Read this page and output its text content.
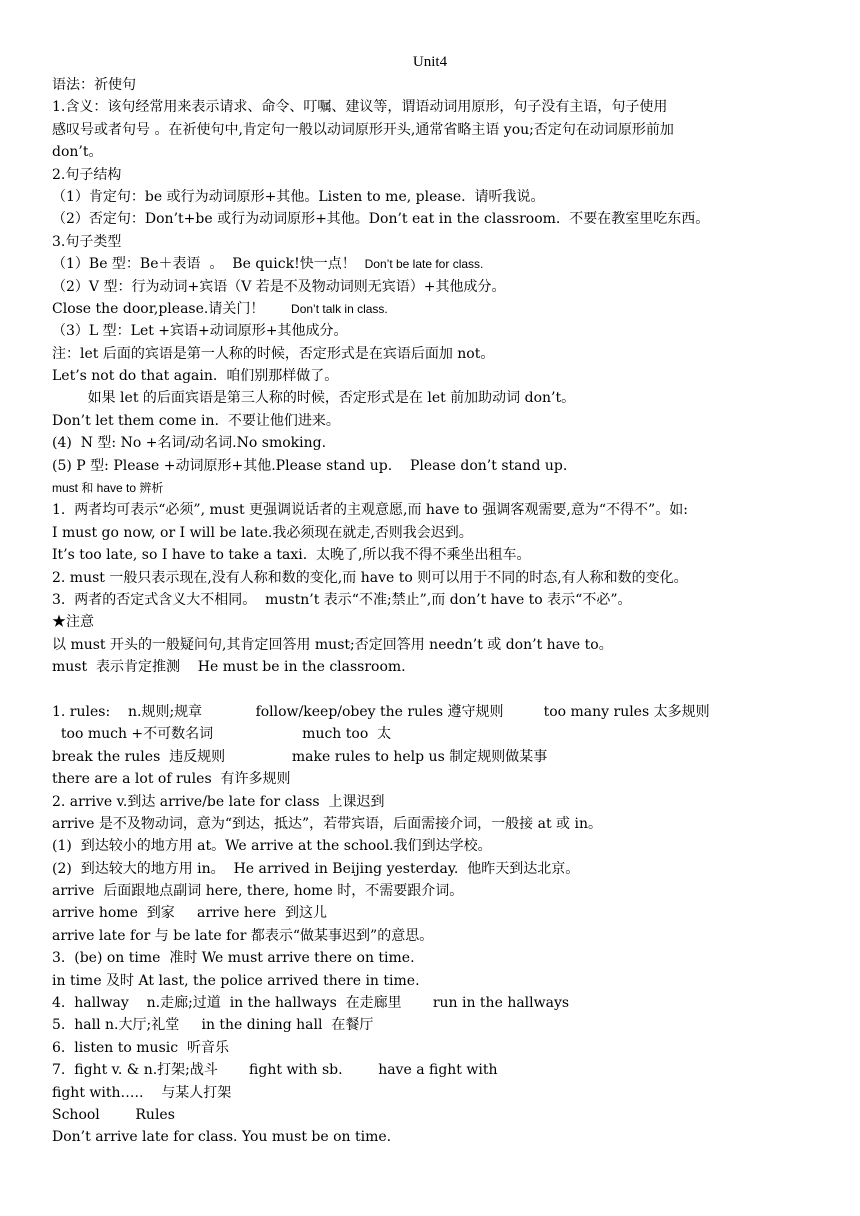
Unit4
语法：祈使句
1.含义：该句经常用来表示请求、命令、叮嘱、建议等，谓语动词用原形，句子没有主语，句子使用
感叹号或者句号 。在祈使句中,肯定句一般以动词原形开头,通常省略主语 you;否定句在动词原形前加
don’t。
2.句子结构
（1）肯定句：be 或行为动词原形+其他。Listen to me, please.  请听我说。
（2）否定句：Don’t+be 或行为动词原形+其他。Don’t eat in the classroom.  不要在教室里吃东西。
3.句子类型
（1）Be 型：Be＋表语  。  Be quick!快一点！ Don’t be late for class.
（2）V 型：行为动词+宾语（V 若是不及物动词则无宾语）+其他成分。
Close the door,please.请关门！ Don’t talk in class.
（3）L 型：Let +宾语+动词原形+其他成分。
注：let 后面的宾语是第一人称的时候，否定形式是在宾语后面加 not。
Let’s not do that again.  咱们别那样做了。
如果 let 的后面宾语是第三人称的时候，否定形式是在 let 前加助动词 don’t。
Don’t let them come in.  不要让他们进来。
(4)  N 型: No +名词/动名词.No smoking.
(5) P 型: Please +动词原形+其他.Please stand up.    Please don’t stand up.
must 和 have to 辨析
1.  两者均可表示“必须”, must 更强调说话者的主观意愿,而 have to 强调客观需要,意为“不得不”。如:
I must go now, or I will be late.我必须现在就走,否则我会迟到。
It’s too late, so I have to take a taxi.  太晚了,所以我不得不乘坐出租车。
2. must 一般只表示现在,没有人称和数的变化,而 have to 则可以用于不同的时态,有人称和数的变化。
3.  两者的否定式含义大不相同。  mustn’t 表示“不准;禁止”,而 don’t have to 表示“不必”。
★注意
以 must 开头的一般疑问句,其肯定回答用 must;否定回答用 needn’t 或 don’t have to。
must  表示肯定推测    He must be in the classroom.
1. rules:    n.规则;规章            follow/keep/obey the rules 遵守规则         too many rules 太多规则
too much +不可数名词                    much too  太
break the rules  违反规则               make rules to help us 制定规则做某事
there are a lot of rules  有许多规则
2. arrive v.到达 arrive/be late for class  上课迟到
arrive 是不及物动词，意为“到达，抵达”，若带宾语，后面需接介词，一般接 at 或 in。
(1)  到达较小的地方用 at。We arrive at the school.我们到达学校。
(2)  到达较大的地方用 in。  He arrived in Beijing yesterday.  他昨天到达北京。
arrive  后面跟地点副词 here, there, home 时，不需要跟介词。
arrive home  到家     arrive here  到这儿
arrive late for 与 be late for 都表示“做某事迟到”的意思。
3.  (be) on time  准时 We must arrive there on time.
in time 及时 At last, the police arrived there in time.
4.  hallway    n.走廊;过道  in the hallways  在走廊里       run in the hallways
5.  hall n.大厅;礼堂     in the dining hall  在餐厅
6.  listen to music  听音乐
7.  fight v. & n.打架;战斗       fight with sb.        have a fight with
fight with…..    与某人打架
School        Rules
Don’t arrive late for class. You must be on time.
